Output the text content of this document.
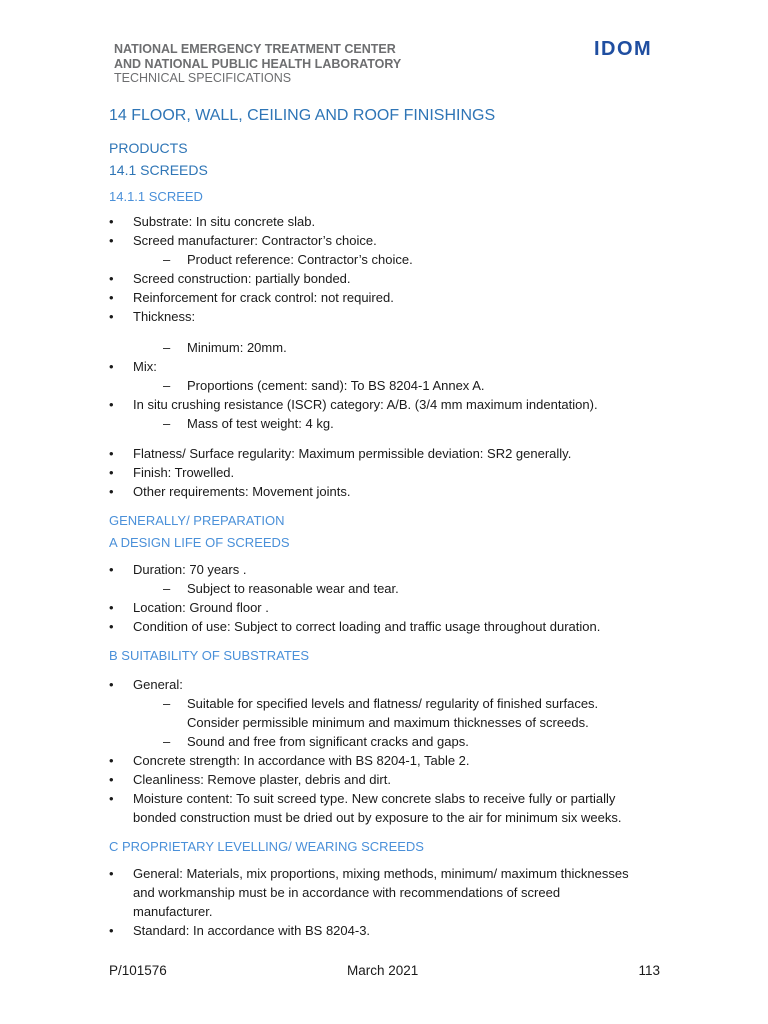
NATIONAL EMERGENCY TREATMENT CENTER
AND NATIONAL PUBLIC HEALTH LABORATORY
TECHNICAL SPECIFICATIONS
IDOM
14 FLOOR, WALL, CEILING AND ROOF FINISHINGS
PRODUCTS
14.1 SCREEDS
14.1.1 SCREED
• Substrate: In situ concrete slab.
• Screed manufacturer: Contractor’s choice.
– Product reference: Contractor’s choice.
• Screed construction: partially bonded.
• Reinforcement for crack control: not required.
• Thickness:
– Minimum: 20mm.
• Mix:
– Proportions (cement: sand): To BS 8204-1 Annex A.
• In situ crushing resistance (ISCR) category: A/B. (3/4 mm maximum indentation).
– Mass of test weight: 4 kg.
• Flatness/ Surface regularity: Maximum permissible deviation: SR2 generally.
• Finish: Trowelled.
• Other requirements: Movement joints.
GENERALLY/ PREPARATION
A DESIGN LIFE OF SCREEDS
• Duration: 70 years .
– Subject to reasonable wear and tear.
• Location: Ground floor .
• Condition of use: Subject to correct loading and traffic usage throughout duration.
B SUITABILITY OF SUBSTRATES
• General:
– Suitable for specified levels and flatness/ regularity of finished surfaces.
Consider permissible minimum and maximum thicknesses of screeds.
– Sound and free from significant cracks and gaps.
• Concrete strength: In accordance with BS 8204-1, Table 2.
• Cleanliness: Remove plaster, debris and dirt.
• Moisture content: To suit screed type. New concrete slabs to receive fully or partially
bonded construction must be dried out by exposure to the air for minimum six weeks.
C PROPRIETARY LEVELLING/ WEARING SCREEDS
• General: Materials, mix proportions, mixing methods, minimum/ maximum thicknesses
and workmanship must be in accordance with recommendations of screed
manufacturer.
• Standard: In accordance with BS 8204-3.
P/101576	March 2021	113
